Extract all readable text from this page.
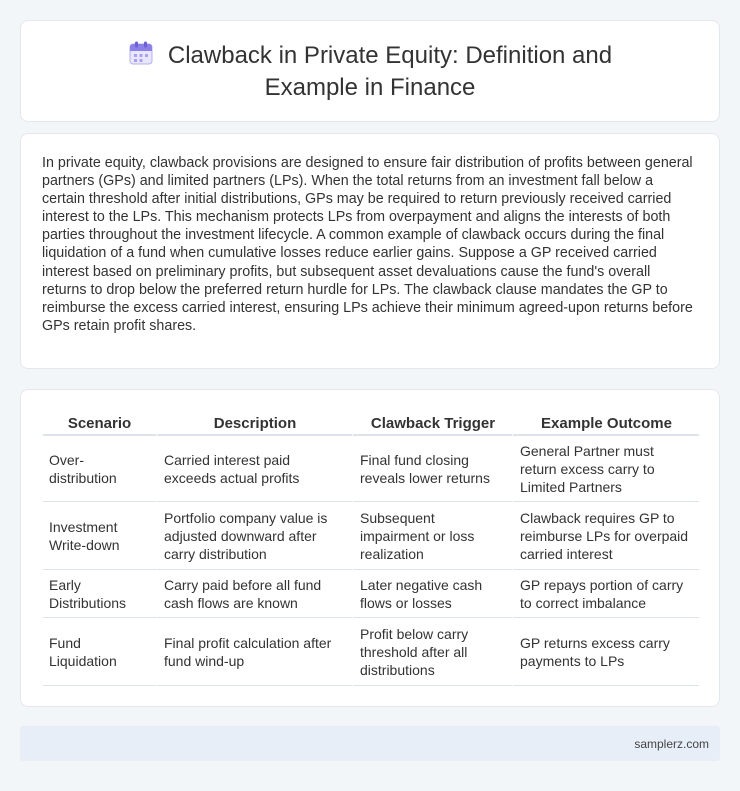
Clawback in Private Equity: Definition and Example in Finance

In private equity, clawback provisions are designed to ensure fair distribution of profits between general partners (GPs) and limited partners (LPs). When the total returns from an investment fall below a certain threshold after initial distributions, GPs may be required to return previously received carried interest to the LPs. This mechanism protects LPs from overpayment and aligns the interests of both parties throughout the investment lifecycle. A common example of clawback occurs during the final liquidation of a fund when cumulative losses reduce earlier gains. Suppose a GP received carried interest based on preliminary profits, but subsequent asset devaluations cause the fund's overall returns to drop below the preferred return hurdle for LPs. The clawback clause mandates the GP to reimburse the excess carried interest, ensuring LPs achieve their minimum agreed-upon returns before GPs retain profit shares.

Scenario	Description	Clawback Trigger	Example Outcome
Over-distribution	Carried interest paid exceeds actual profits	Final fund closing reveals lower returns	General Partner must return excess carry to Limited Partners
Investment Write-down	Portfolio company value is adjusted downward after carry distribution	Subsequent impairment or loss realization	Clawback requires GP to reimburse LPs for overpaid carried interest
Early Distributions	Carry paid before all fund cash flows are known	Later negative cash flows or losses	GP repays portion of carry to correct imbalance
Fund Liquidation	Final profit calculation after fund wind-up	Profit below carry threshold after all distributions	GP returns excess carry payments to LPs
samplerz.com
